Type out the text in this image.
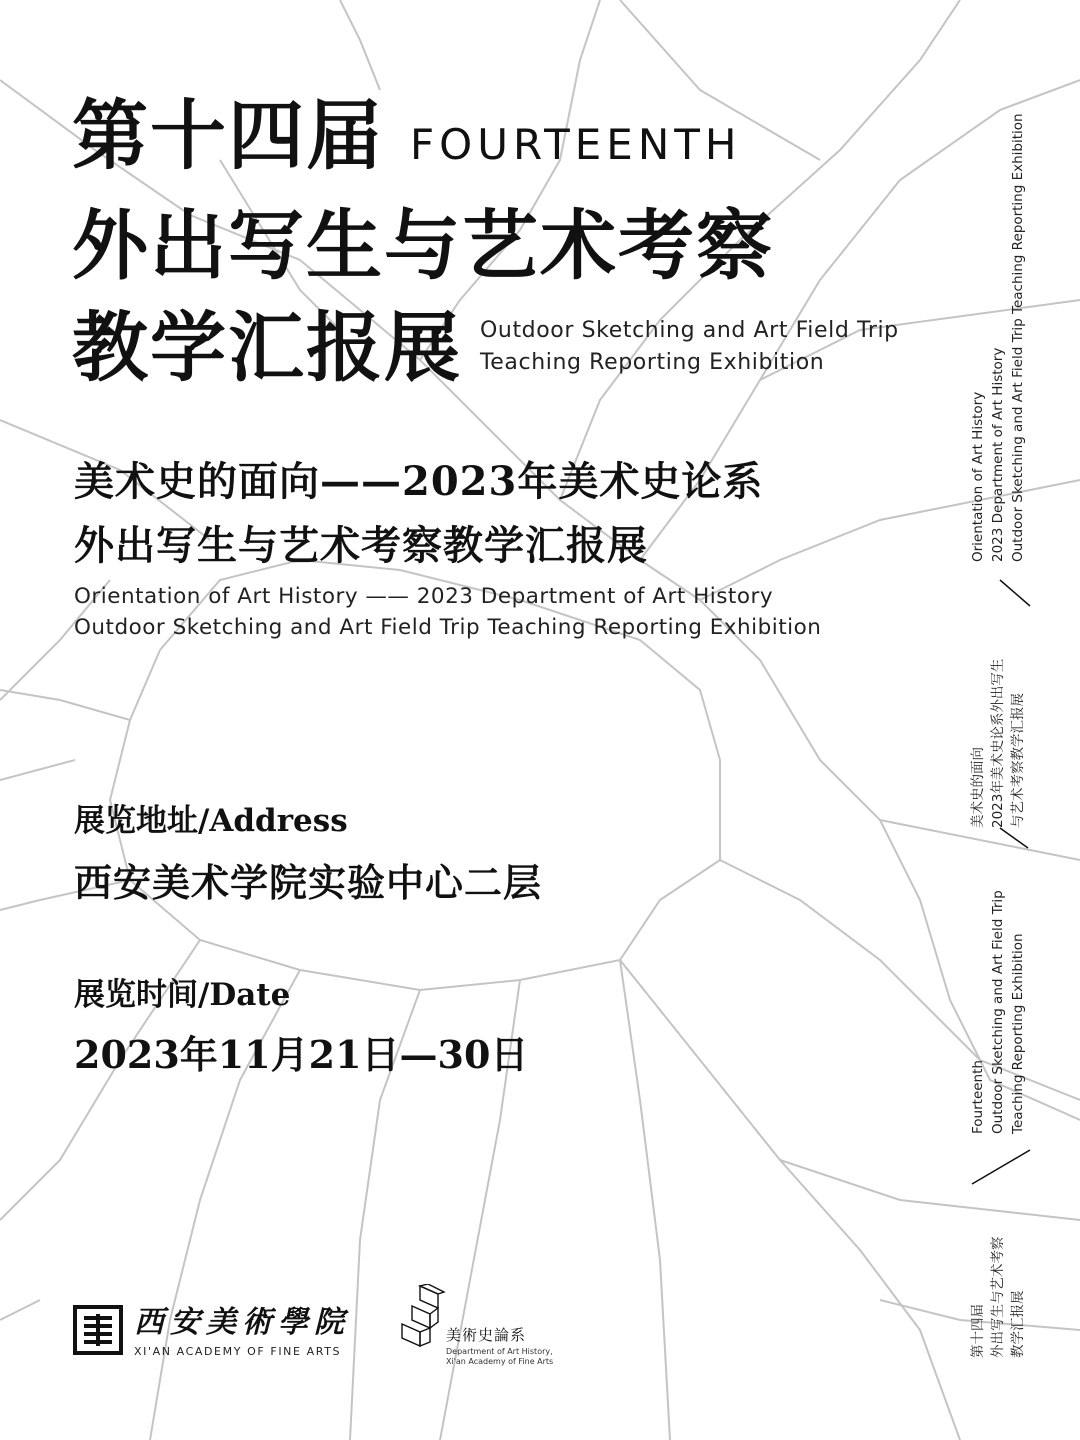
第十四届 FOURTEENTH
外出写生与艺术考察
教学汇报展 Outdoor Sketching and Art Field Trip
Teaching Reporting Exhibition
美术史的面向——2023年美术史论系
外出写生与艺术考察教学汇报展
Orientation of Art History —— 2023 Department of Art History
Outdoor Sketching and Art Field Trip Teaching Reporting Exhibition
展览地址/Address
西安美术学院实验中心二层
展览时间/Date
2023年11月21日—30日
Orientation of Art History 2023 Department of Art History Outdoor Sketching and Art Field Trip Teaching Reporting Exhibition
美术史的面向 2023年美术史论系外出写生 与艺术考察教学汇报展
Fourteenth Outdoor Sketching and Art Field Trip Teaching Reporting Exhibition
第十四届 外出写生与艺术考察 教学汇报展
西安美術學院
XI'AN ACADEMY OF FINE ARTS
美術史論系
Department of Art History,
Xi'an Academy of Fine Arts
